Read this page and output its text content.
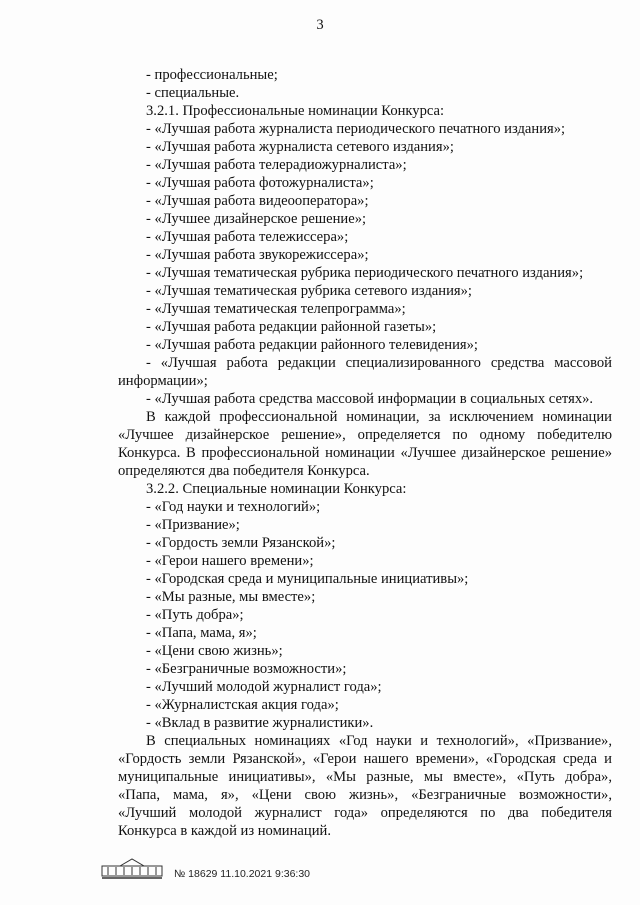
3
- профессиональные;
- специальные.
3.2.1. Профессиональные номинации Конкурса:
- «Лучшая работа журналиста периодического печатного издания»;
- «Лучшая работа журналиста сетевого издания»;
- «Лучшая работа телерадиожурналиста»;
- «Лучшая работа фотожурналиста»;
- «Лучшая работа видеооператора»;
- «Лучшее дизайнерское решение»;
- «Лучшая работа тележиссера»;
- «Лучшая работа звукорежиссера»;
- «Лучшая тематическая рубрика периодического печатного издания»;
- «Лучшая тематическая рубрика сетевого издания»;
- «Лучшая тематическая телепрограмма»;
- «Лучшая работа редакции районной газеты»;
- «Лучшая работа редакции районного телевидения»;
- «Лучшая работа редакции специализированного средства массовой
информации»;
- «Лучшая работа средства массовой информации в социальных сетях».
В каждой профессиональной номинации, за исключением номинации
«Лучшее дизайнерское решение», определяется по одному победителю
Конкурса. В профессиональной номинации «Лучшее дизайнерское решение»
определяются два победителя Конкурса.
3.2.2. Специальные номинации Конкурса:
- «Год науки и технологий»;
- «Призвание»;
- «Гордость земли Рязанской»;
- «Герои нашего времени»;
- «Городская среда и муниципальные инициативы»;
- «Мы разные, мы вместе»;
- «Путь добра»;
- «Папа, мама, я»;
- «Цени свою жизнь»;
- «Безграничные возможности»;
- «Лучший молодой журналист года»;
- «Журналистская акция года»;
- «Вклад в развитие журналистики».
В специальных номинациях «Год науки и технологий», «Призвание»,
«Гордость земли Рязанской», «Герои нашего времени», «Городская среда и
муниципальные инициативы», «Мы разные, мы вместе», «Путь добра»,
«Папа, мама, я», «Цени свою жизнь», «Безграничные возможности»,
«Лучший молодой журналист года» определяются по два победителя
Конкурса в каждой из номинаций.
№ 18629 11.10.2021 9:36:30
